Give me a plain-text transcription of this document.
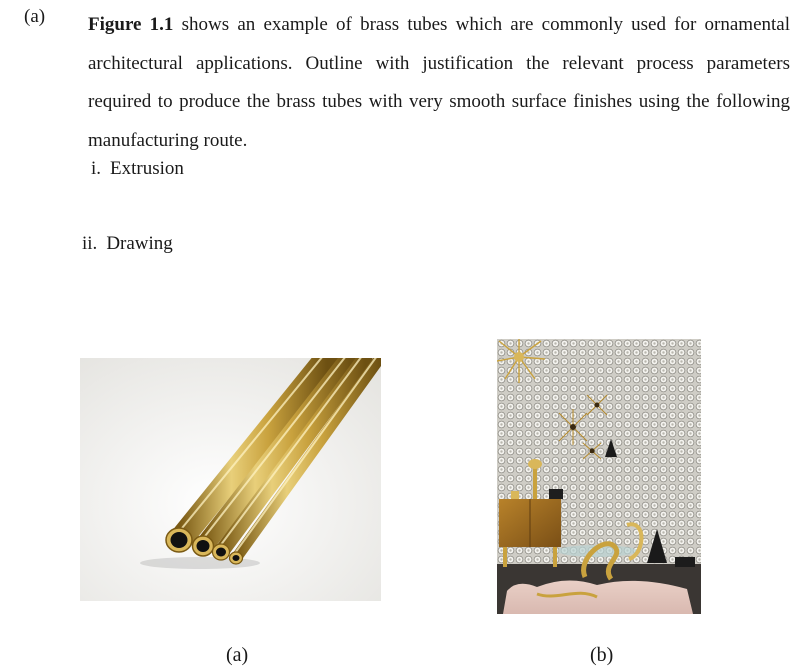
(a) Figure 1.1 shows an example of brass tubes which are commonly used for ornamental architectural applications. Outline with justification the relevant process parameters required to produce the brass tubes with very smooth surface finishes using the following manufacturing route.
i. Extrusion
ii. Drawing
(a)	(b)
